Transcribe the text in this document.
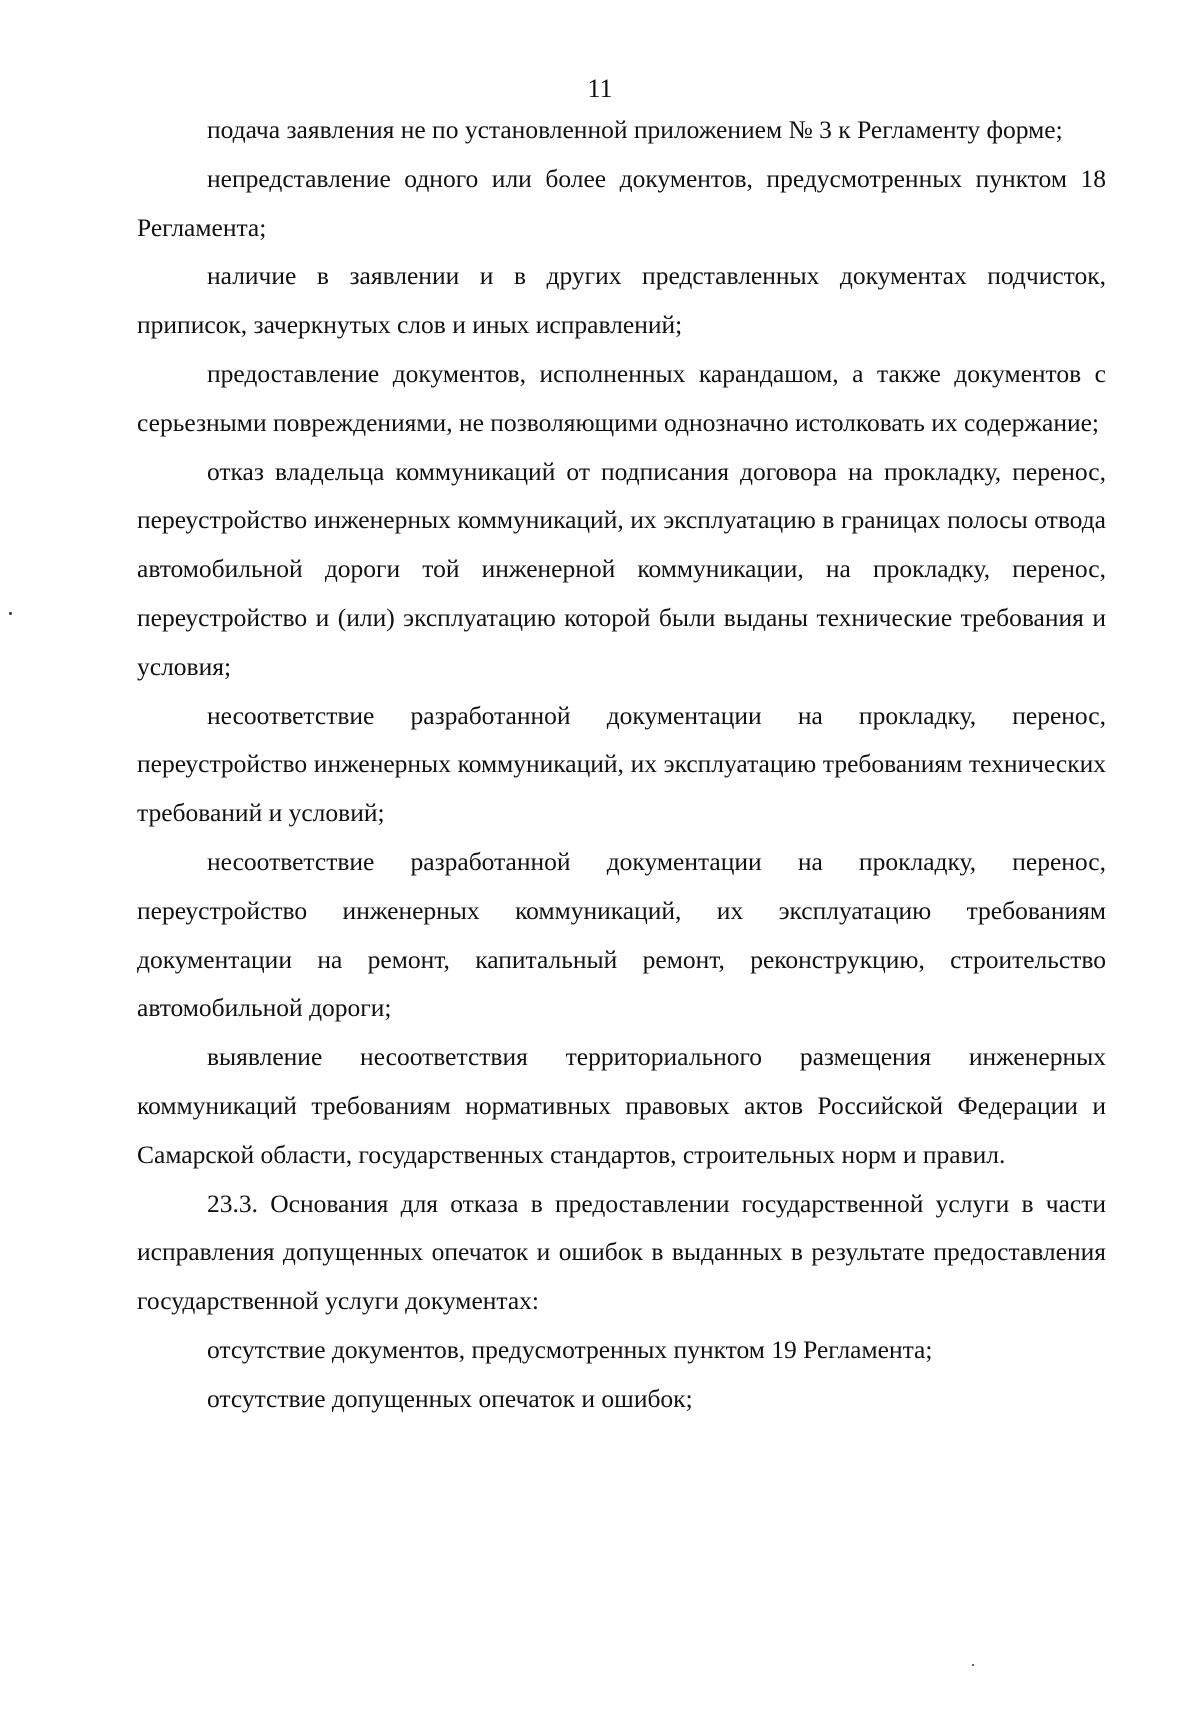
11

подача заявления не по установленной приложением № 3 к Регламенту форме;

непредставление одного или более документов, предусмотренных пунктом 18 Регламента;

наличие в заявлении и в других представленных документах подчисток, приписок, зачеркнутых слов и иных исправлений;

предоставление документов, исполненных карандашом, а также документов с серьезными повреждениями, не позволяющими однозначно истолковать их содержание;

отказ владельца коммуникаций от подписания договора на прокладку, перенос, переустройство инженерных коммуникаций, их эксплуатацию в границах полосы отвода автомобильной дороги той инженерной коммуникации, на прокладку, перенос, переустройство и (или) эксплуатацию которой были выданы технические требования и условия;

несоответствие разработанной документации на прокладку, перенос, переустройство инженерных коммуникаций, их эксплуатацию требованиям технических требований и условий;

несоответствие разработанной документации на прокладку, перенос, переустройство инженерных коммуникаций, их эксплуатацию требованиям документации на ремонт, капитальный ремонт, реконструкцию, строительство автомобильной дороги;

выявление несоответствия территориального размещения инженерных коммуникаций требованиям нормативных правовых актов Российской Федерации и Самарской области, государственных стандартов, строительных норм и правил.

23.3. Основания для отказа в предоставлении государственной услуги в части исправления допущенных опечаток и ошибок в выданных в результате предоставления государственной услуги документах:

отсутствие документов, предусмотренных пунктом 19 Регламента;

отсутствие допущенных опечаток и ошибок;
